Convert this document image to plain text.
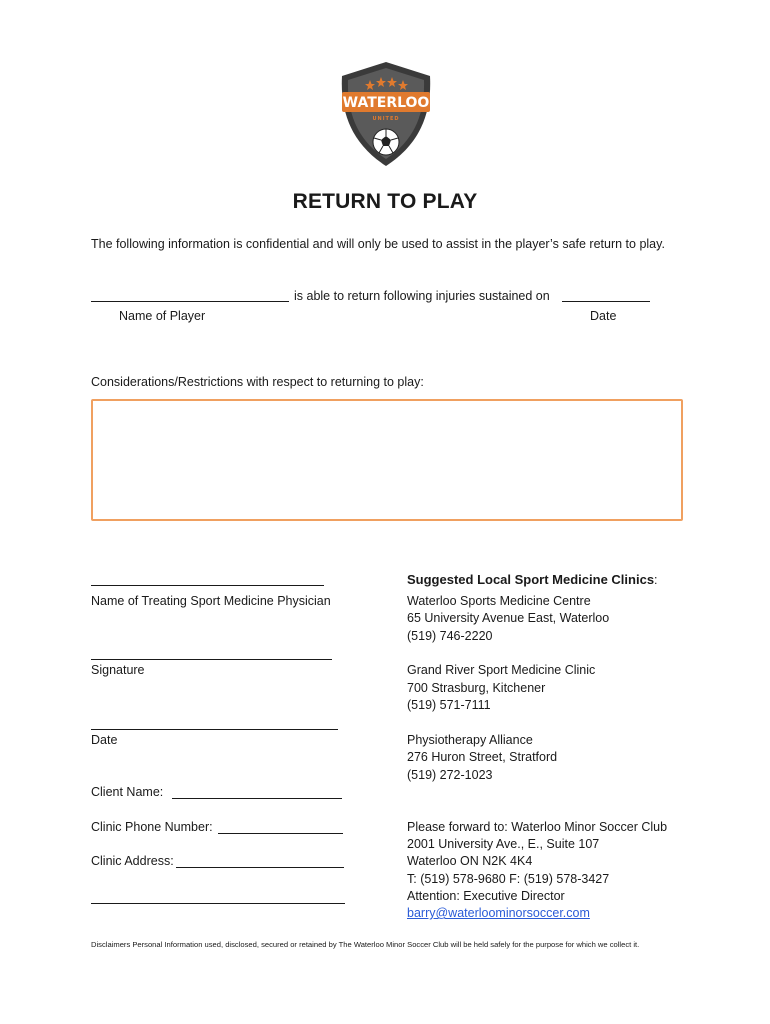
WATERLOO
UNITED
RETURN TO PLAY
The following information is confidential and will only be used to assist in the player’s safe return to play.
is able to return following injuries sustained on
Name of Player	Date
Considerations/Restrictions with respect to returning to play:
Name of Treating Sport Medicine Physician
Signature
Date
Client Name:
Clinic Phone Number:
Clinic Address:
Suggested Local Sport Medicine Clinics:
Waterloo Sports Medicine Centre
65 University Avenue East, Waterloo
(519) 746-2220
Grand River Sport Medicine Clinic
700 Strasburg, Kitchener
(519) 571-7111
Physiotherapy Alliance
276 Huron Street, Stratford
(519) 272-1023
Please forward to: Waterloo Minor Soccer Club
2001 University Ave., E., Suite 107
Waterloo ON N2K 4K4
T: (519) 578-9680 F: (519) 578-3427
Attention: Executive Director
barry@waterloominorsoccer.com
Disclaimers Personal Information used, disclosed, secured or retained by The Waterloo Minor Soccer Club will be held safely for the purpose for which we collect it.
